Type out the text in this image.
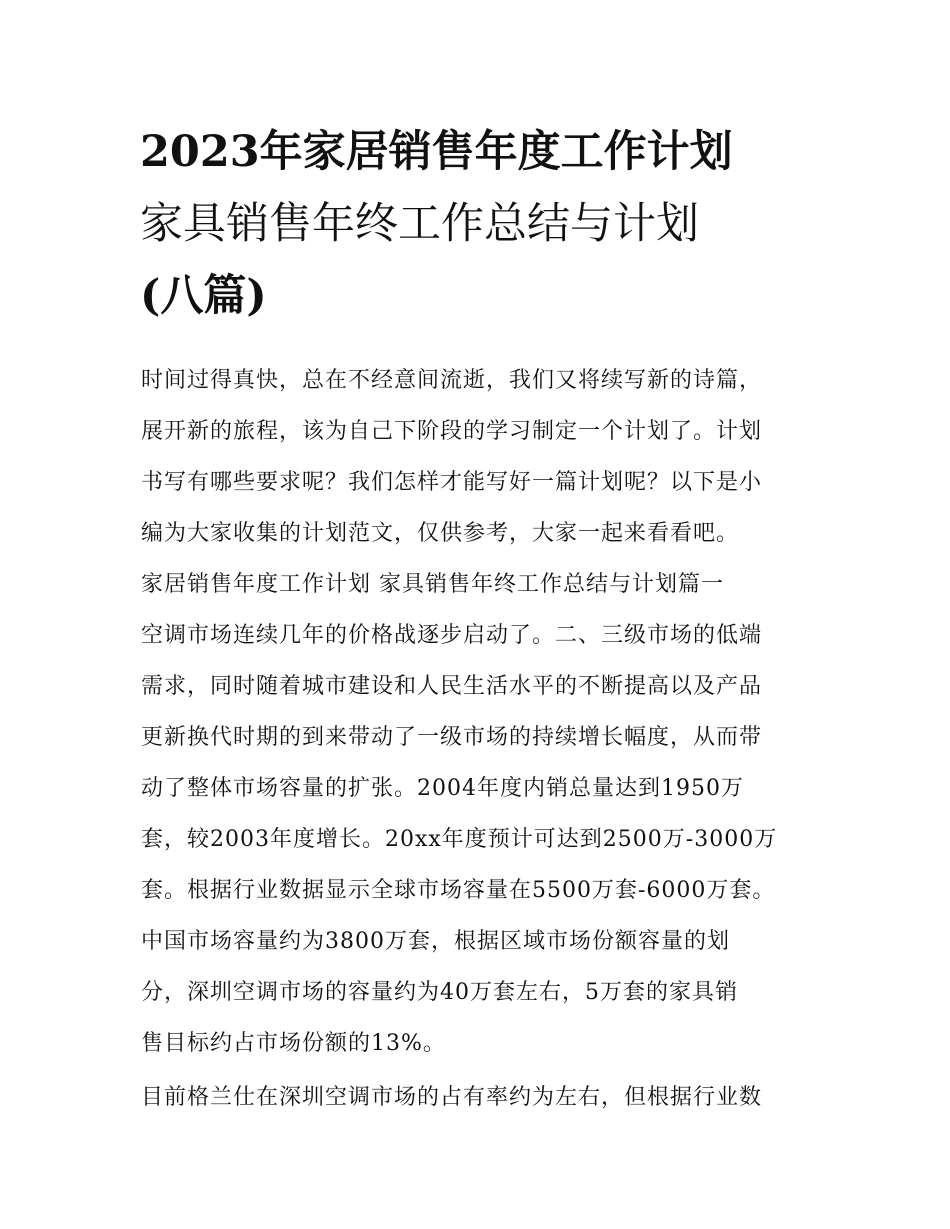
2023年家居销售年度工作计划
家具销售年终工作总结与计划
(八篇)
时间过得真快，总在不经意间流逝，我们又将续写新的诗篇，
展开新的旅程，该为自己下阶段的学习制定一个计划了。计划
书写有哪些要求呢？我们怎样才能写好一篇计划呢？以下是小
编为大家收集的计划范文，仅供参考，大家一起来看看吧。
家居销售年度工作计划 家具销售年终工作总结与计划篇一
空调市场连续几年的价格战逐步启动了。二、三级市场的低端
需求，同时随着城市建设和人民生活水平的不断提高以及产品
更新换代时期的到来带动了一级市场的持续增长幅度，从而带
动了整体市场容量的扩张。2004年度内销总量达到1950万
套，较2003年度增长。20xx年度预计可达到2500万-3000万
套。根据行业数据显示全球市场容量在5500万套-6000万套。
中国市场容量约为3800万套，根据区域市场份额容量的划
分，深圳空调市场的容量约为40万套左右，5万套的家具销
售目标约占市场份额的13%。
目前格兰仕在深圳空调市场的占有率约为左右，但根据行业数
